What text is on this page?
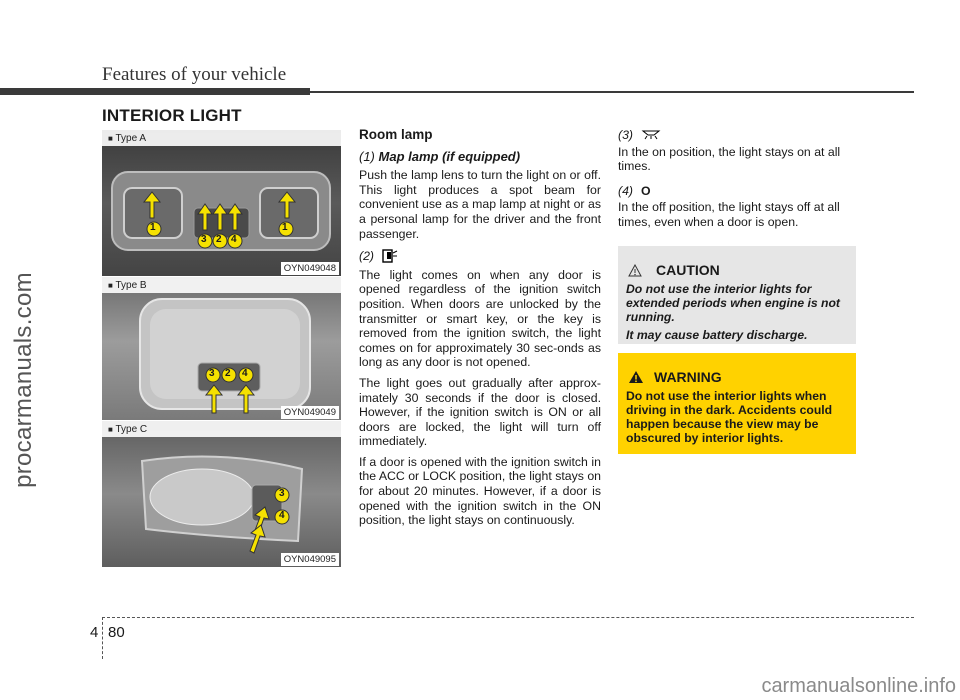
Features of your vehicle
procarmanuals.com
INTERIOR LIGHT
■ Type A
1	1
3 2 4
OYN049048
■ Type B
3 2 4
OYN049049
■ Type C
3
4
OYN049095
Room lamp
(1) Map lamp (if equipped)

Push the lamp lens to turn the light on or off. This light produces a spot beam for convenient use as a map lamp at night or as a personal lamp for the driver and the front passenger.

(2)

The light comes on when any door is opened regardless of the ignition switch position. When doors are unlocked by the transmitter or smart key, or the key is removed from the ignition switch, the light comes on for approximately 30 sec-onds as long as any door is not opened.

The light goes out gradually after approx-imately 30 seconds if the door is closed. However, if the ignition switch is ON or all doors are locked, the light will turn off immediately.

If a door is opened with the ignition switch in the ACC or LOCK position, the light stays on for about 20 minutes. However, if a door is opened with the ignition switch in the ON position, the light stays on continuously.

(3)

In the on position, the light stays on at all times.

(4) O

In the off position, the light stays off at all times, even when a door is open.

CAUTION
Do not use the interior lights for extended periods when engine is not running.
It may cause battery discharge.
WARNING
Do not use the interior lights when driving in the dark. Accidents could happen because the view may be obscured by interior lights.
4 80
carmanualsonline.info
